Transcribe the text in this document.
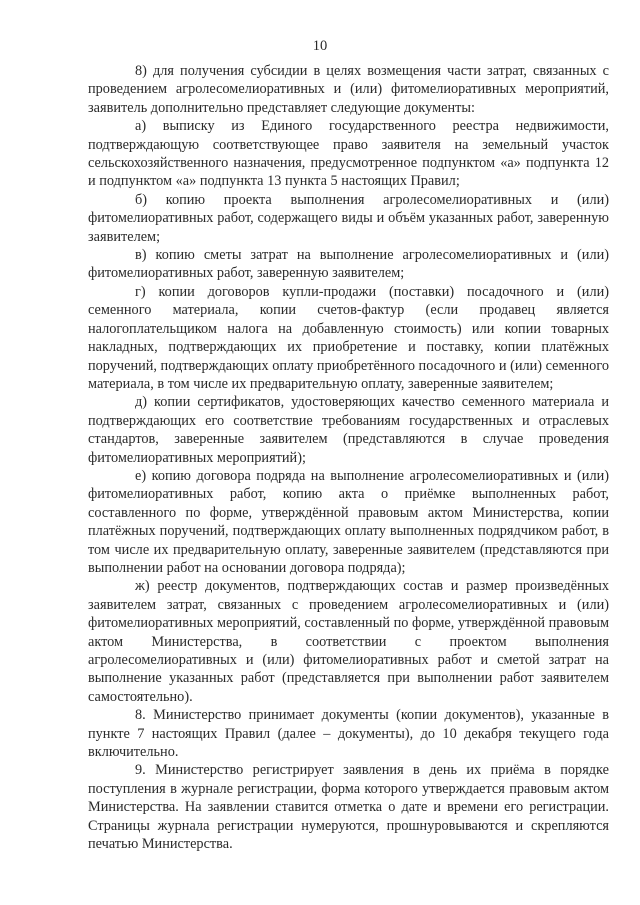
10

8) для получения субсидии в целях возмещения части затрат, связанных с проведением агролесомелиоративных и (или) фитомелиоративных мероприятий, заявитель дополнительно представляет следующие документы:

а) выписку из Единого государственного реестра недвижимости, подтверждающую соответствующее право заявителя на земельный участок сельскохозяйственного назначения, предусмотренное подпунктом «а» подпункта 12 и подпунктом «а» подпункта 13 пункта 5 настоящих Правил;

б) копию проекта выполнения агролесомелиоративных и (или) фитомелиоративных работ, содержащего виды и объём указанных работ, заверенную заявителем;

в) копию сметы затрат на выполнение агролесомелиоративных и (или) фитомелиоративных работ, заверенную заявителем;

г) копии договоров купли-продажи (поставки) посадочного и (или) семенного материала, копии счетов-фактур (если продавец является налогоплательщиком налога на добавленную стоимость) или копии товарных накладных, подтверждающих их приобретение и поставку, копии платёжных поручений, подтверждающих оплату приобретённого посадочного и (или) семенного материала, в том числе их предварительную оплату, заверенные заявителем;

д) копии сертификатов, удостоверяющих качество семенного материала и подтверждающих его соответствие требованиям государственных и отраслевых стандартов, заверенные заявителем (представляются в случае проведения фитомелиоративных мероприятий);

е) копию договора подряда на выполнение агролесомелиоративных и (или) фитомелиоративных работ, копию акта о приёмке выполненных работ, составленного по форме, утверждённой правовым актом Министерства, копии платёжных поручений, подтверждающих оплату выполненных подрядчиком работ, в том числе их предварительную оплату, заверенные заявителем (представляются при выполнении работ на основании договора подряда);

ж) реестр документов, подтверждающих состав и размер произведённых заявителем затрат, связанных с проведением агролесомелиоративных и (или) фитомелиоративных мероприятий, составленный по форме, утверждённой правовым актом Министерства, в соответствии с проектом выполнения агролесомелиоративных и (или) фитомелиоративных работ и сметой затрат на выполнение указанных работ (представляется при выполнении работ заявителем самостоятельно).

8. Министерство принимает документы (копии документов), указанные в пункте 7 настоящих Правил (далее – документы), до 10 декабря текущего года включительно.

9. Министерство регистрирует заявления в день их приёма в порядке поступления в журнале регистрации, форма которого утверждается правовым актом Министерства. На заявлении ставится отметка о дате и времени его регистрации. Страницы журнала регистрации нумеруются, прошнуровываются и скрепляются печатью Министерства.
